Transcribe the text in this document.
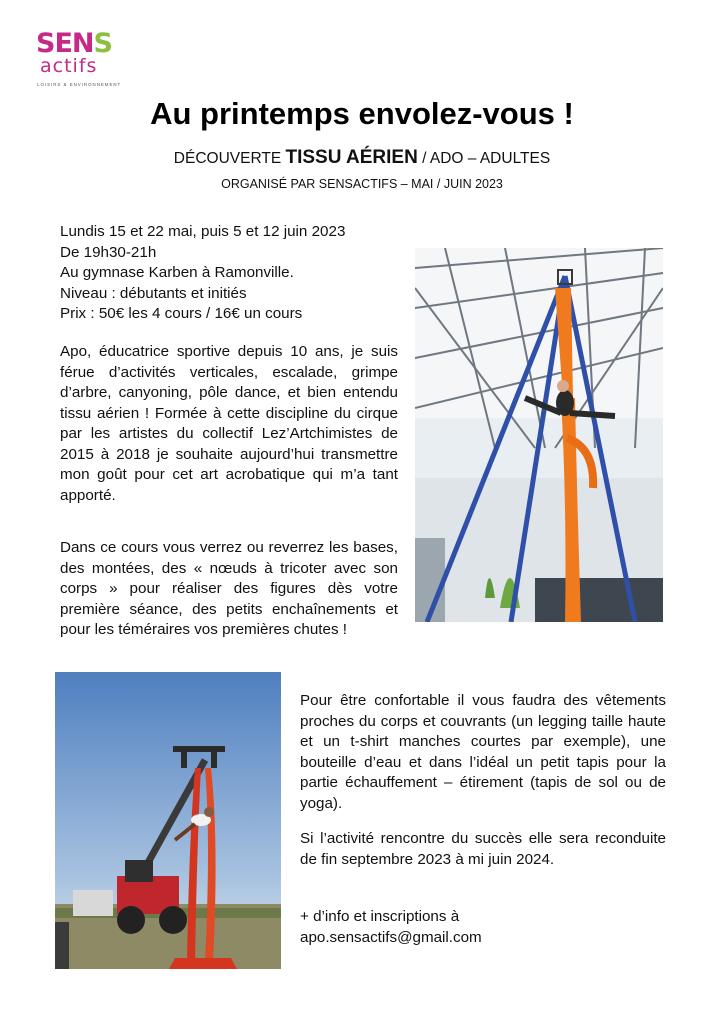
SENS
actifs
LOISIRS & ENVIRONNEMENT
Au printemps envolez-vous !
DÉCOUVERTE TISSU AÉRIEN / ADO – ADULTES
ORGANISÉ PAR SENSACTIFS – MAI / JUIN 2023
Lundis 15 et 22 mai, puis 5 et 12 juin 2023
De 19h30-21h
Au gymnase Karben à Ramonville.
Niveau : débutants et initiés
Prix : 50€ les 4 cours / 16€ un cours

Apo, éducatrice sportive depuis 10 ans, je suis férue d’activités verticales, escalade, grimpe d’arbre, canyoning, pôle dance, et bien entendu tissu aérien ! Formée à cette discipline du cirque par les artistes du collectif Lez’Artchimistes de 2015 à 2018 je souhaite aujourd’hui transmettre mon goût pour cet art acrobatique qui m’a tant apporté.

Dans ce cours vous verrez ou reverrez les bases, des montées, des « nœuds à tricoter avec son corps » pour réaliser des figures dès votre première séance, des petits enchaînements et pour les téméraires vos premières chutes !

Pour être confortable il vous faudra des vêtements proches du corps et couvrants (un legging taille haute et un t-shirt manches courtes par exemple), une bouteille d’eau et dans l’idéal un petit tapis pour la partie échauffement – étirement (tapis de sol ou de yoga).

Si l’activité rencontre du succès elle sera reconduite de fin septembre 2023 à mi juin 2024.

+ d’info et inscriptions à
apo.sensactifs@gmail.com
